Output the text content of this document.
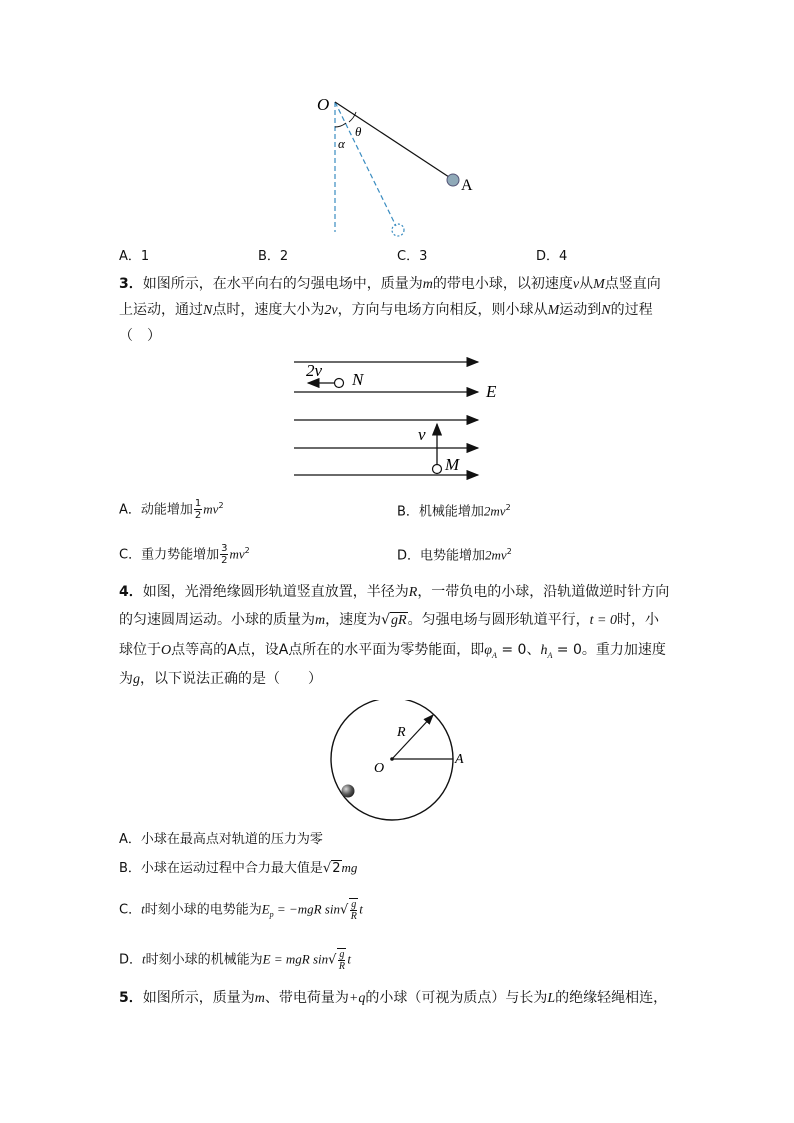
O
θ
α
A
A．1	B．2	C．3	D．4
3．如图所示，在水平向右的匀强电场中，质量为m的带电小球，以初速度v从M点竖直向
上运动，通过N点时，速度大小为2v，方向与电场方向相反，则小球从M运动到N的过程
（　）
2v N
E
v
M
A．动能增加 $\frac{1}{2} mv^2$	B．机械能增加$2mv^2$
C．重力势能增加 $\frac{3}{2} mv^2$	D．电势能增加$2mv^2$
4．如图，光滑绝缘圆形轨道竖直放置，半径为R，一带负电的小球，沿轨道做逆时针方向
的匀速圆周运动。小球的质量为m，速度为√gR。匀强电场与圆形轨道平行，t = 0时，小
球位于O点等高的A点，设A点所在的水平面为零势能面，即$\varphi_A = 0$、$h_A = 0$。重力加速度
为g，以下说法正确的是（　　）
R
O
A
A．小球在最高点对轨道的压力为零
B．小球在运动过程中合力最大值是√2mg
C．t时刻小球的电势能为$E_p = -mgR$ $\sin√ \frac{g}{R}$ t
D．t时刻小球的机械能为E = mgR $\sin√ \frac{g}{R}$ t
5．如图所示，质量为m、带电荷量为+q的小球（可视为质点）与长为L的绝缘轻绳相连，
